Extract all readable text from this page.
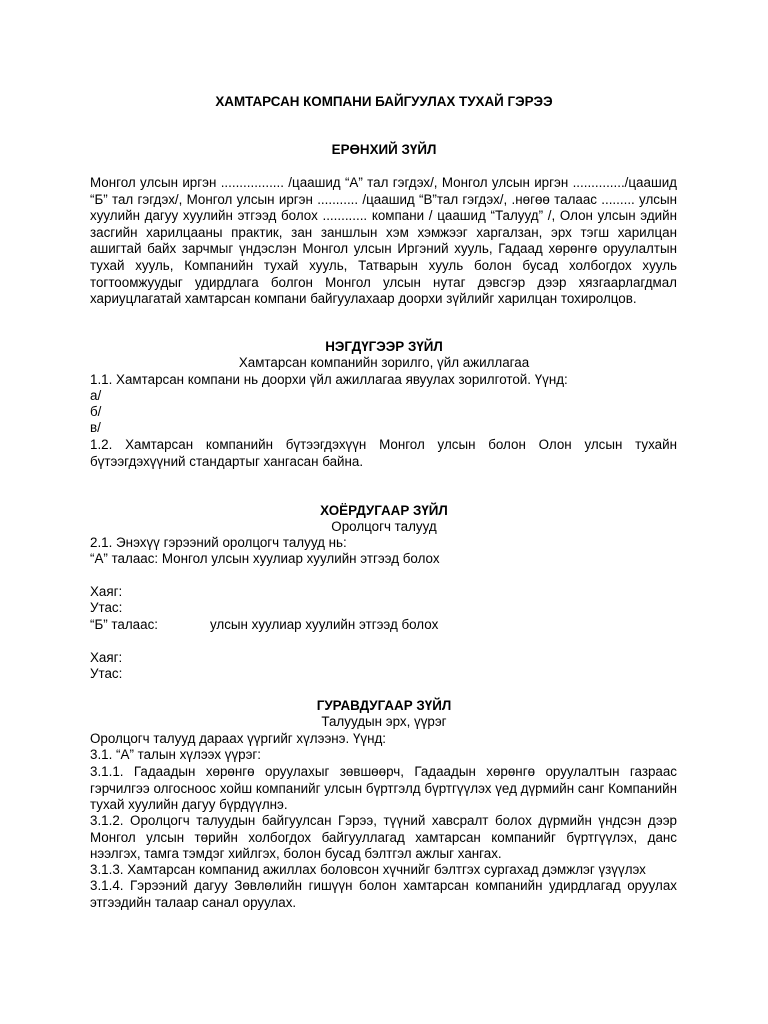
ХАМТАРСАН КОМПАНИ БАЙГУУЛАХ ТУХАЙ ГЭРЭЭ
ЕРӨНХИЙ ЗҮЙЛ
Монгол улсын иргэн ................. /цаашид “А” тал гэгдэх/, Монгол улсын иргэн ............../цаашид “Б” тал гэгдэх/, Монгол улсын иргэн ........... /цаашид “В”тал гэгдэх/, .нөгөө талаас ......... улсын хуулийн дагуу хуулийн этгээд болох ............ компани / цаашид “Талууд” /, Олон улсын эдийн засгийн харилцааны практик, зан заншлын хэм хэмжээг харгалзан, эрх тэгш харилцан ашигтай байх зарчмыг үндэслэн Монгол улсын Иргэний хууль, Гадаад хөрөнгө оруулалтын тухай хууль, Компанийн тухай хууль, Татварын хууль болон бусад холбогдох хууль тогтоомжуудыг удирдлага болгон Монгол улсын нутаг дэвсгэр дээр хязгаарлагдмал хариуцлагатай хамтарсан компани байгуулахаар доорхи зүйлийг харилцан тохиролцов.
НЭГДҮГЭЭР ЗҮЙЛ
Хамтарсан компанийн зорилго, үйл ажиллагаа
1.1. Хамтарсан компани нь доорхи үйл ажиллагаа явуулах зорилготой. Үүнд:
а/
б/
в/
1.2. Хамтарсан компанийн бүтээгдэхүүн Монгол улсын болон Олон улсын тухайн бүтээгдэхүүний стандартыг хангасан байна.
ХОЁРДУГААР ЗҮЙЛ
Оролцогч талууд
2.1. Энэхүү гэрээний оролцогч талууд нь:
“А” талаас: Монгол улсын хуулиар хуулийн этгээд болох
Хаяг:
Утас:
“Б” талаас:	улсын хуулиар хуулийн этгээд болох
Хаяг:
Утас:
ГУРАВДУГААР ЗҮЙЛ
Талуудын эрх, үүрэг
Оролцогч талууд дараах үүргийг хүлээнэ. Үүнд:
3.1. “А” талын хүлээх үүрэг:
3.1.1. Гадаадын хөрөнгө оруулахыг зөвшөөрч, Гадаадын хөрөнгө оруулалтын газраас гэрчилгээ олгосноос хойш компанийг улсын бүртгэлд бүртгүүлэх үед дүрмийн санг Компанийн тухай хуулийн дагуу бүрдүүлнэ.
3.1.2. Оролцогч талуудын байгуулсан Гэрээ, түүний хавсралт болох дүрмийн үндсэн дээр Монгол улсын төрийн холбогдох байгууллагад хамтарсан компанийг бүртгүүлэх, данс нээлгэх, тамга тэмдэг хийлгэх, болон бусад бэлтгэл ажлыг хангах.
3.1.3. Хамтарсан компанид ажиллах боловсон хүчнийг бэлтгэх сургахад дэмжлэг үзүүлэх
3.1.4. Гэрээний дагуу Зөвлөлийн гишүүн болон хамтарсан компанийн удирдлагад оруулах этгээдийн талаар санал оруулах.
